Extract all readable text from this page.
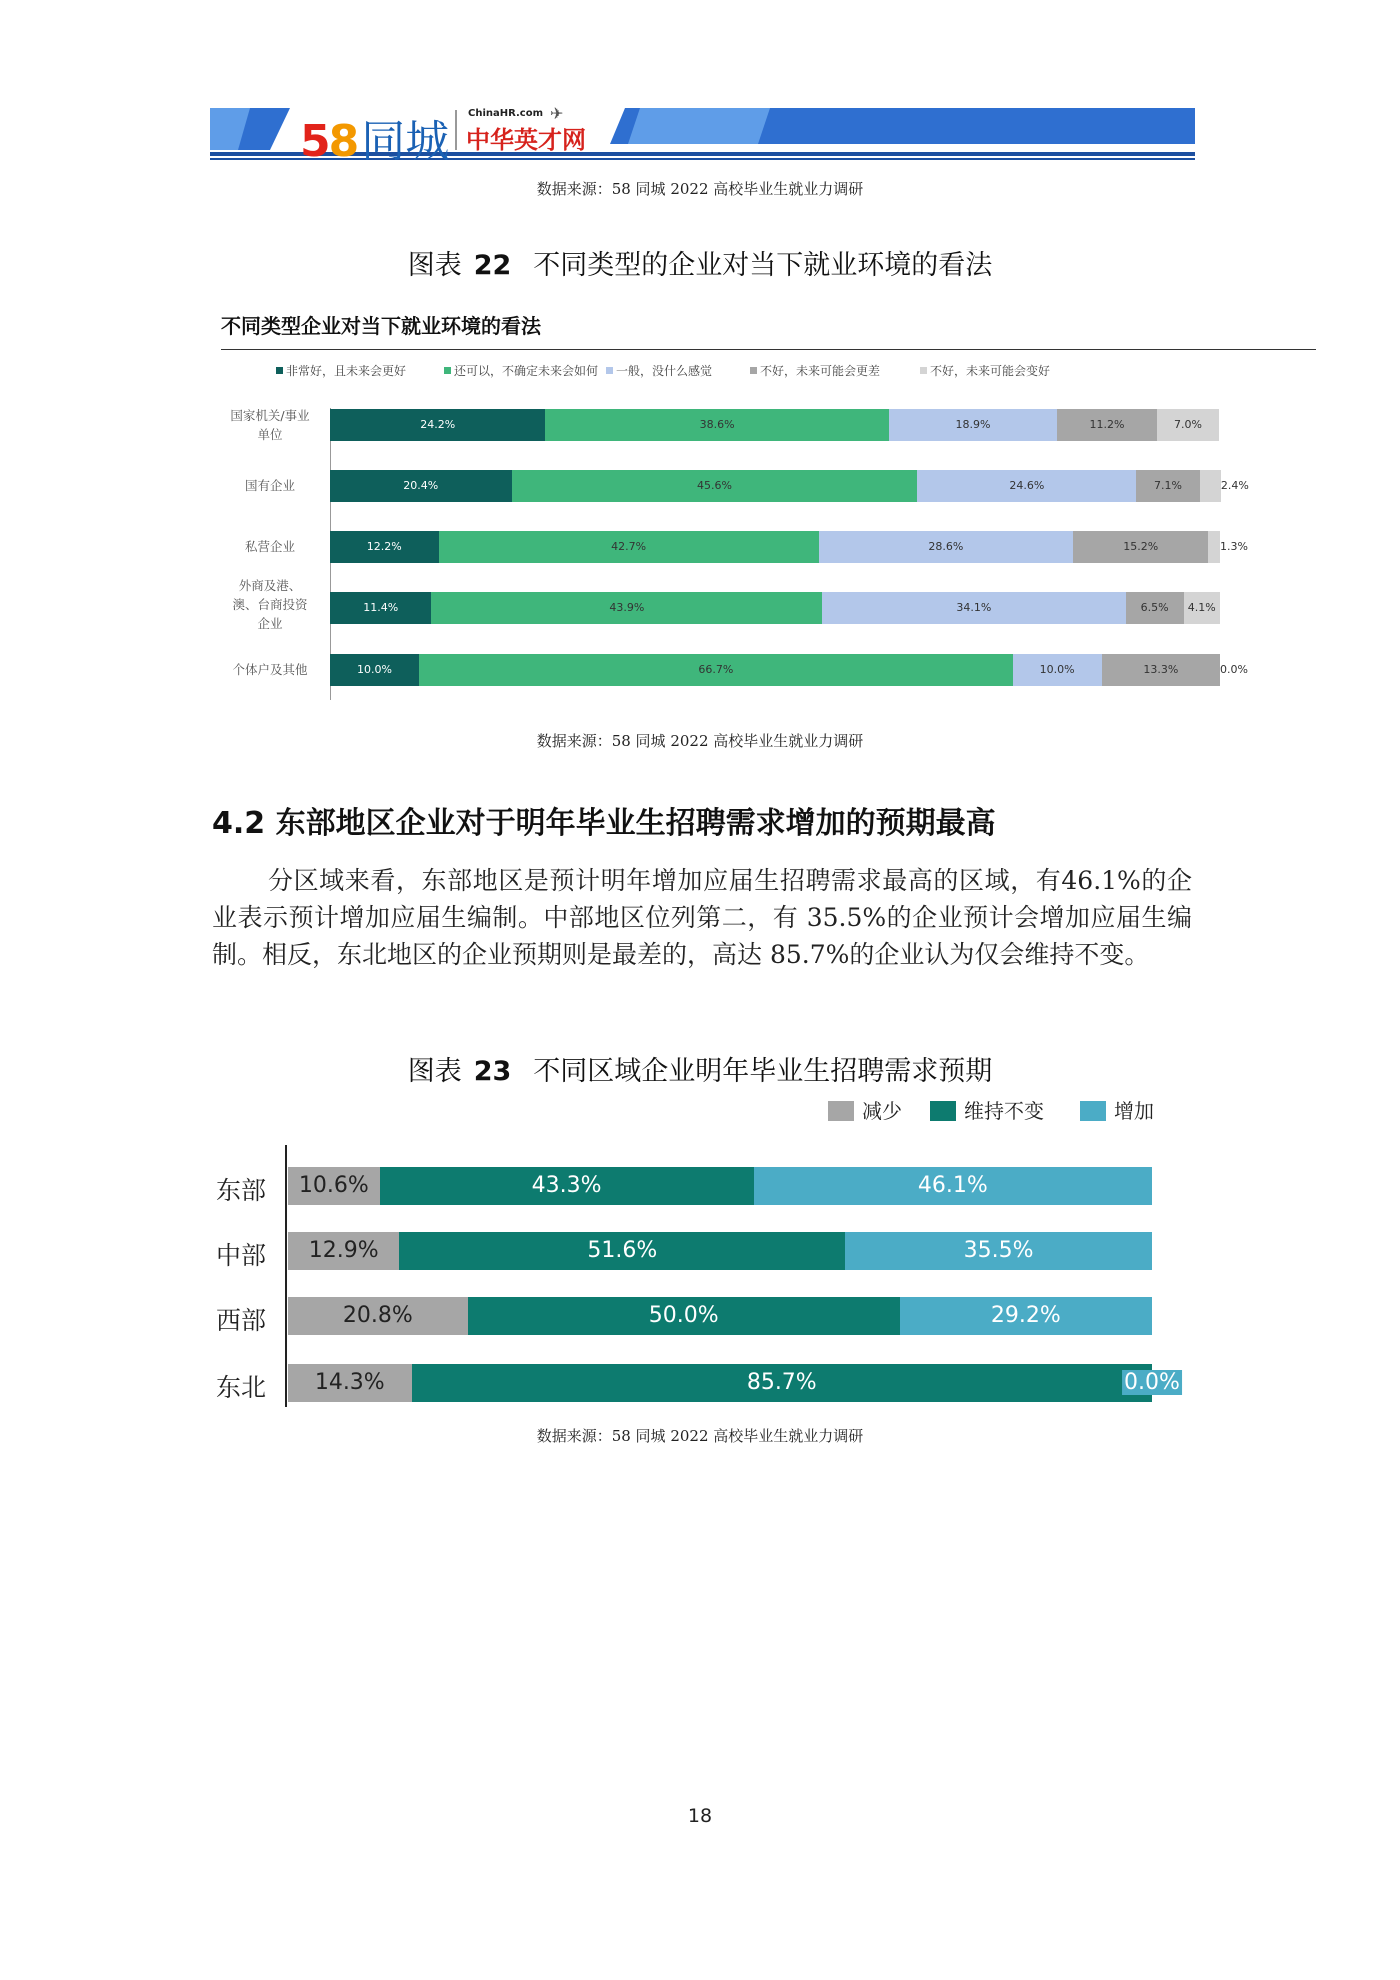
58同城
ChinaHR.com
中华英才网
✈
数据来源：58 同城 2022 高校毕业生就业力调研
图表 22 不同类型的企业对当下就业环境的看法
不同类型企业对当下就业环境的看法
非常好，且未来会更好	还可以，不确定未来会如何	一般，没什么感觉	不好，未来可能会更差	不好，未来可能会变好
国家机关/事业
单位
24.2%	38.6%	18.9%	11.2%	7.0%
国有企业	20.4%	45.6%	24.6%	7.1%	2.4%
私营企业	12.2%	42.7%	28.6%	15.2%	1.3%
外商及港、
澳、台商投资
企业
11.4%	43.9%	34.1%	6.5% 4.1%
个体户及其他	10.0%	66.7%	10.0%	13.3%	0.0%
数据来源：58 同城 2022 高校毕业生就业力调研
4.2 东部地区企业对于明年毕业生招聘需求增加的预期最高
分区域来看，东部地区是预计明年增加应届生招聘需求最高的区域，有46.1%的企业表示预计增加应届生编制。中部地区位列第二，有 35.5%的企业预计会增加应届生编制。相反，东北地区的企业预期则是最差的，高达 85.7%的企业认为仅会维持不变。
图表 23 不同区域企业明年毕业生招聘需求预期
减少	维持不变	增加
东部 10.6%	43.3%	46.1%
中部 12.9%	51.6%	35.5%
西部	20.8%	50.0%	29.2%
东北 14.3%	85.7%	0.0%
数据来源：58 同城 2022 高校毕业生就业力调研
18
